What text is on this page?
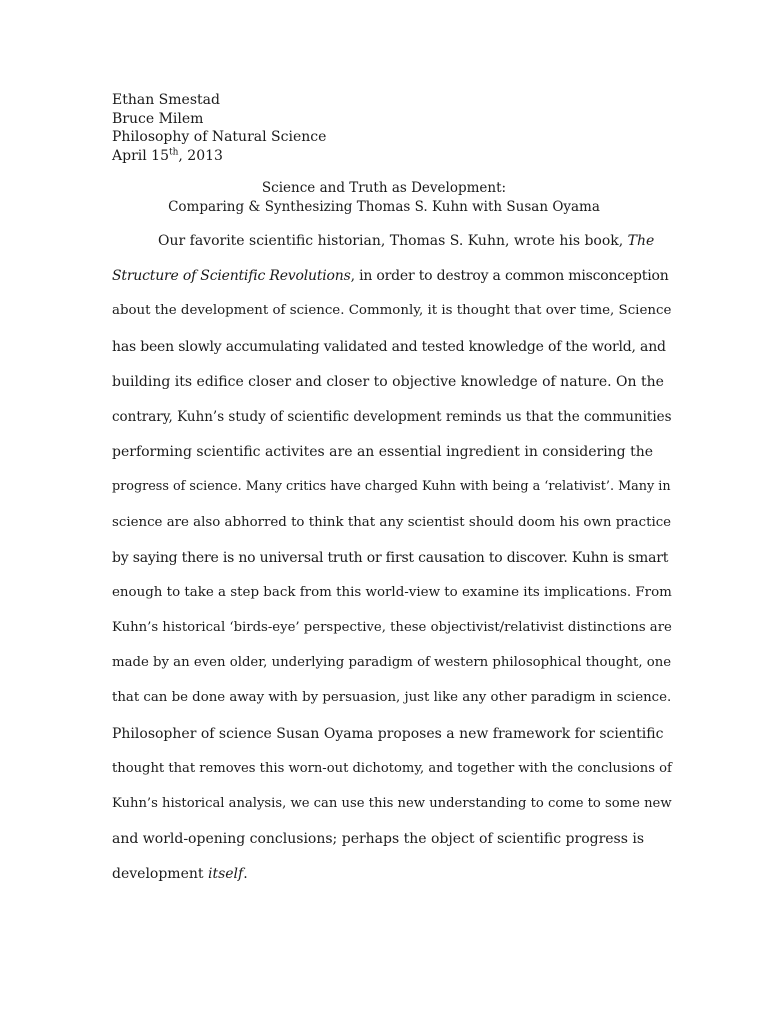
Ethan Smestad
Bruce Milem
Philosophy of Natural Science
April 15th, 2013
Science and Truth as Development:
Comparing & Synthesizing Thomas S. Kuhn with Susan Oyama
Our favorite scientific historian, Thomas S. Kuhn, wrote his book, The
Structure of Scientific Revolutions, in order to destroy a common misconception
about the development of science. Commonly, it is thought that over time, Science
has been slowly accumulating validated and tested knowledge of the world, and
building its edifice closer and closer to objective knowledge of nature. On the
contrary, Kuhn’s study of scientific development reminds us that the communities
performing scientific activites are an essential ingredient in considering the
progress of science. Many critics have charged Kuhn with being a ‘relativist’. Many in
science are also abhorred to think that any scientist should doom his own practice
by saying there is no universal truth or first causation to discover. Kuhn is smart
enough to take a step back from this world-view to examine its implications. From
Kuhn’s historical ‘birds-eye’ perspective, these objectivist/relativist distinctions are
made by an even older, underlying paradigm of western philosophical thought, one
that can be done away with by persuasion, just like any other paradigm in science.
Philosopher of science Susan Oyama proposes a new framework for scientific
thought that removes this worn-out dichotomy, and together with the conclusions of
Kuhn’s historical analysis, we can use this new understanding to come to some new
and world-opening conclusions; perhaps the object of scientific progress is
development itself.
